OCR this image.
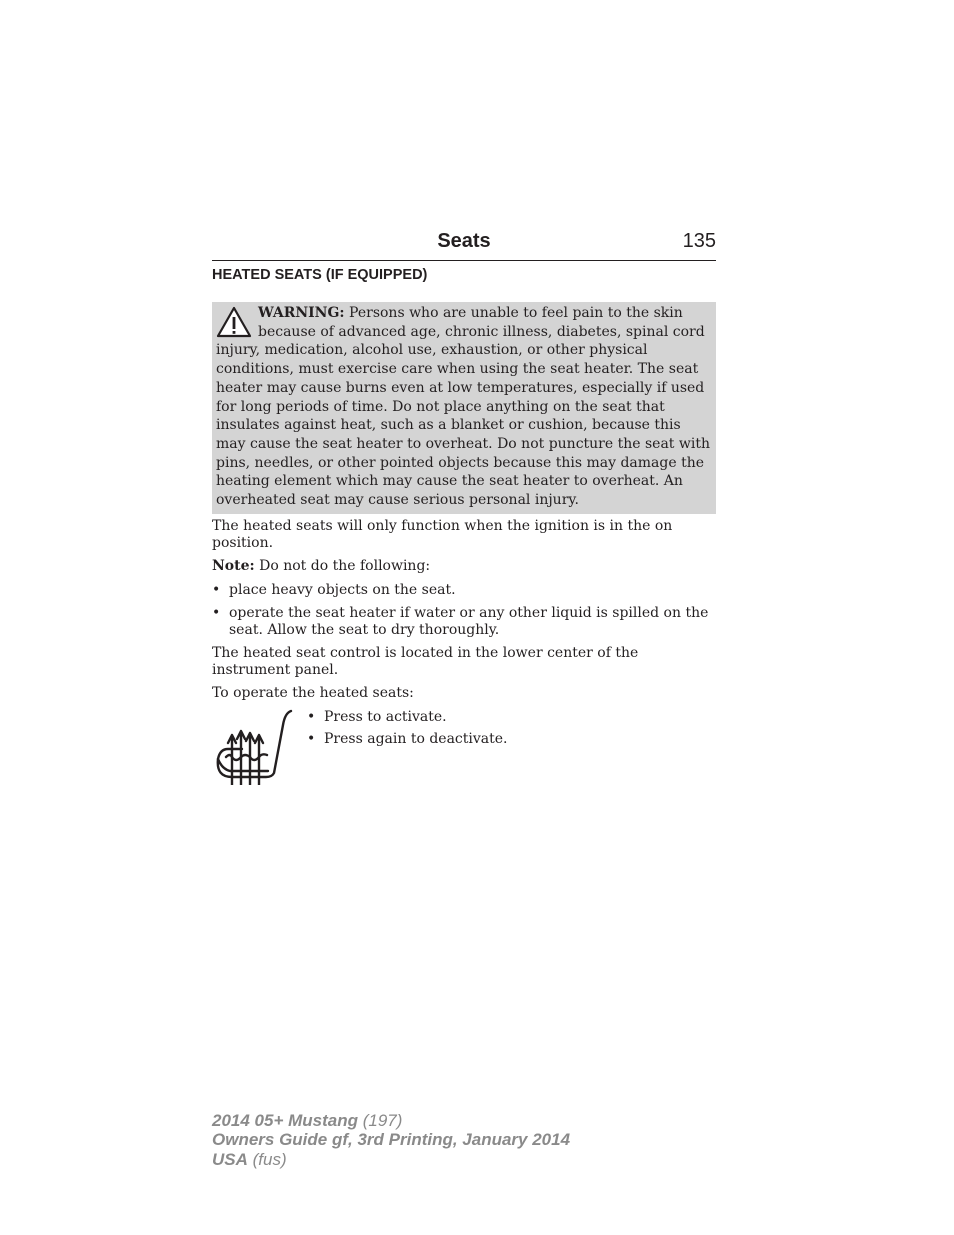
Seats	135
HEATED SEATS (IF EQUIPPED)

WARNING: Persons who are unable to feel pain to the skin because of advanced age, chronic illness, diabetes, spinal cord injury, medication, alcohol use, exhaustion, or other physical conditions, must exercise care when using the seat heater. The seat heater may cause burns even at low temperatures, especially if used for long periods of time. Do not place anything on the seat that insulates against heat, such as a blanket or cushion, because this may cause the seat heater to overheat. Do not puncture the seat with pins, needles, or other pointed objects because this may damage the heating element which may cause the seat heater to overheat. An overheated seat may cause serious personal injury.

The heated seats will only function when the ignition is in the on position.

Note: Do not do the following:

• place heavy objects on the seat.
• operate the seat heater if water or any other liquid is spilled on the seat. Allow the seat to dry thoroughly.

The heated seat control is located in the lower center of the instrument panel.

To operate the heated seats:

• Press to activate.
• Press again to deactivate.
2014 05+ Mustang (197)
Owners Guide gf, 3rd Printing, January 2014
USA (fus)
